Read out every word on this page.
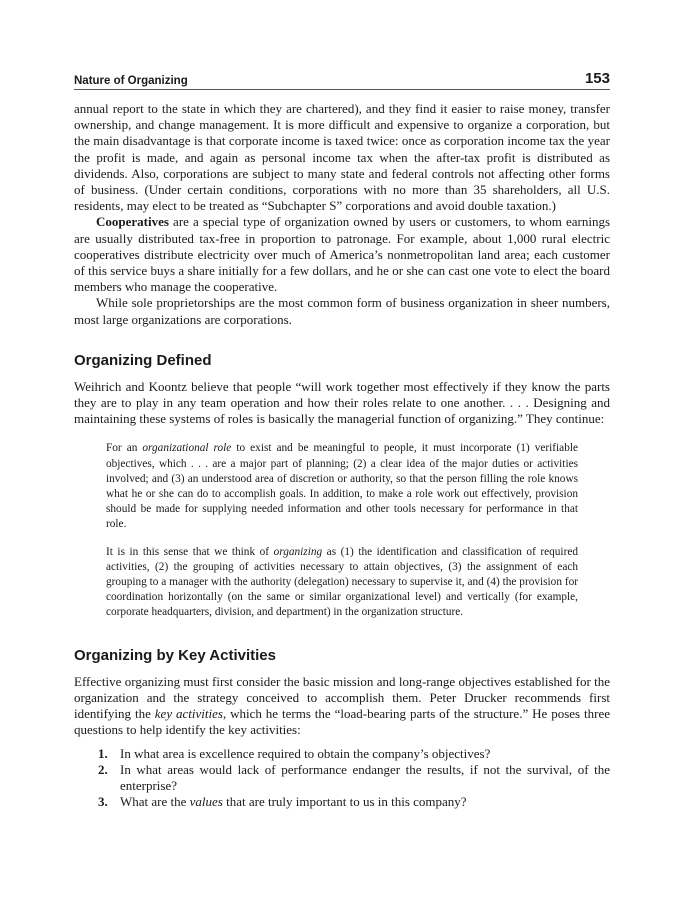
Nature of Organizing	153

annual report to the state in which they are chartered), and they find it easier to raise money, transfer ownership, and change management. It is more difficult and expensive to organize a corporation, but the main disadvantage is that corporate income is taxed twice: once as corporation income tax the year the profit is made, and again as personal income tax when the after-tax profit is distributed as dividends. Also, corporations are subject to many state and federal controls not affecting other forms of business. (Under certain conditions, corporations with no more than 35 shareholders, all U.S. residents, may elect to be treated as “Subchapter S” corporations and avoid double taxation.)

Cooperatives are a special type of organization owned by users or customers, to whom earnings are usually distributed tax-free in proportion to patronage. For example, about 1,000 rural electric cooperatives distribute electricity over much of America’s nonmetropolitan land area; each customer of this service buys a share initially for a few dollars, and he or she can cast one vote to elect the board members who manage the cooperative.

While sole proprietorships are the most common form of business organization in sheer numbers, most large organizations are corporations.

Organizing Defined

Weihrich and Koontz believe that people “will work together most effectively if they know the parts they are to play in any team operation and how their roles relate to one another. . . . Designing and maintaining these systems of roles is basically the managerial function of organizing.” They continue:

For an organizational role to exist and be meaningful to people, it must incorporate (1) verifiable objectives, which . . . are a major part of planning; (2) a clear idea of the major duties or activities involved; and (3) an understood area of discretion or authority, so that the person filling the role knows what he or she can do to accomplish goals. In addition, to make a role work out effectively, provision should be made for supplying needed information and other tools necessary for performance in that role.

It is in this sense that we think of organizing as (1) the identification and classification of required activities, (2) the grouping of activities necessary to attain objectives, (3) the assignment of each grouping to a manager with the authority (delegation) necessary to supervise it, and (4) the provision for coordination horizontally (on the same or similar organizational level) and vertically (for example, corporate headquarters, division, and department) in the organization structure.

Organizing by Key Activities

Effective organizing must first consider the basic mission and long-range objectives established for the organization and the strategy conceived to accomplish them. Peter Drucker recommends first identifying the key activities, which he terms the “load-bearing parts of the structure.” He poses three questions to help identify the key activities:

1. In what area is excellence required to obtain the company’s objectives?
2. In what areas would lack of performance endanger the results, if not the survival, of the enterprise?
3. What are the values that are truly important to us in this company?
